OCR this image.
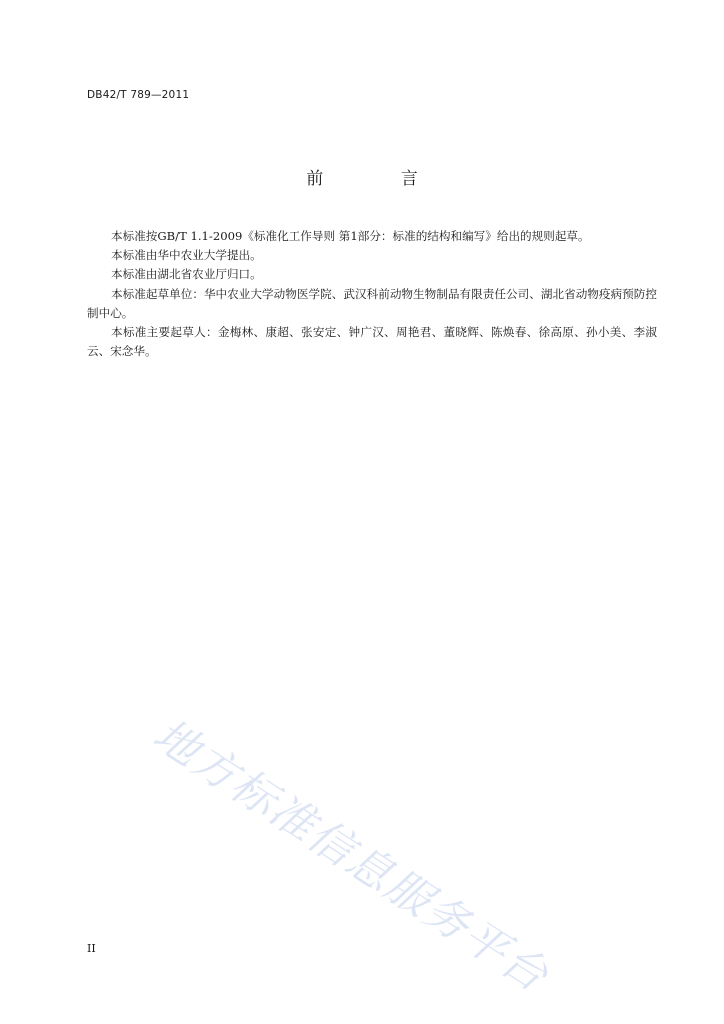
DB42/T 789—2011
前 言

本标准按GB/T 1.1-2009《标准化工作导则 第1部分：标准的结构和编写》给出的规则起草。

本标准由华中农业大学提出。

本标准由湖北省农业厅归口。

本标准起草单位：华中农业大学动物医学院、武汉科前动物生物制品有限责任公司、湖北省动物疫病预防控制中心。

本标准主要起草人：金梅林、康超、张安定、钟广汉、周艳君、董晓辉、陈焕春、徐高原、孙小美、李淑云、宋念华。

地方标准信息服务平台
II
